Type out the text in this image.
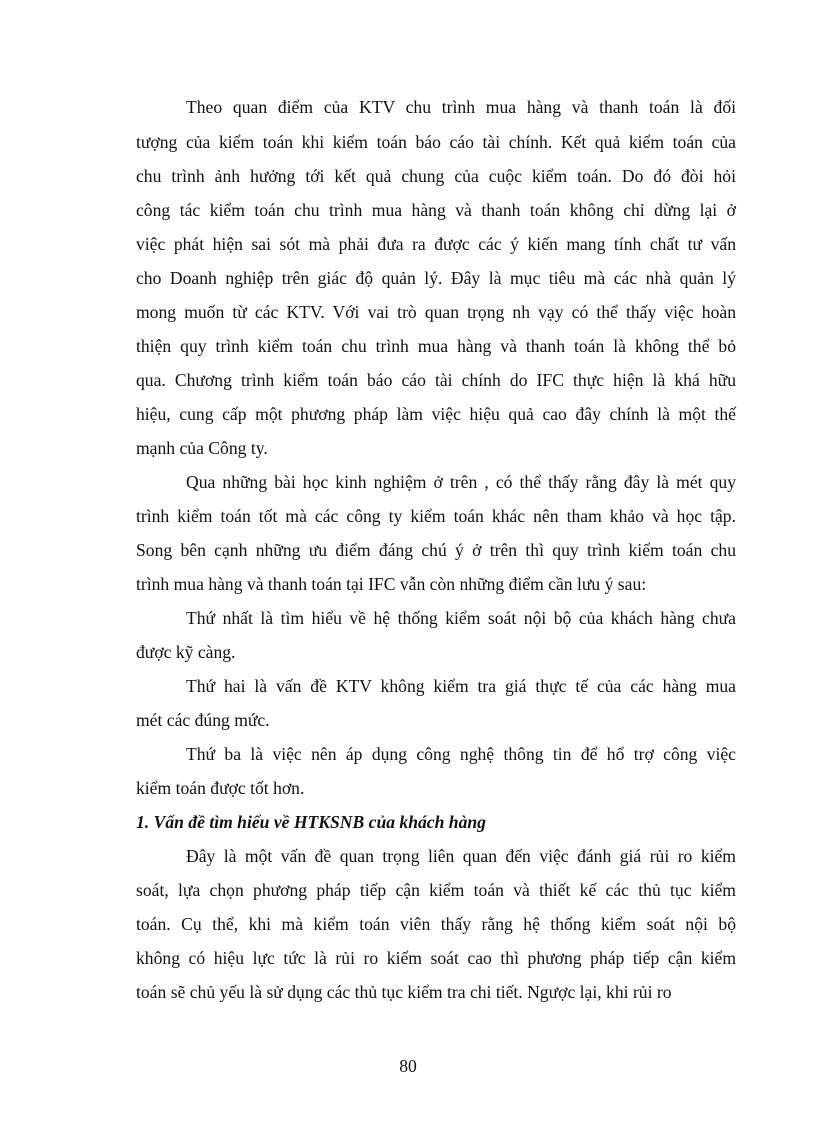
Theo quan điểm của KTV chu trình mua hàng và thanh toán là đối
tượng của kiểm toán khi kiểm toán báo cáo tài chính. Kết quả kiểm toán của
chu trình ảnh hưởng tới kết quả chung của cuộc kiểm toán. Do đó đòi hỏi
công tác kiểm toán chu trình mua hàng và thanh toán không chỉ dừng lại ở
việc phát hiện sai sót mà phải đưa ra được các ý kiến mang tính chất tư vấn
cho Doanh nghiệp trên giác độ quản lý. Đây là mục tiêu mà các nhà quản lý
mong muốn từ các KTV. Với vai trò quan trọng nh vạy có thể thấy việc hoàn
thiện quy trình kiểm toán chu trình mua hàng và thanh toán là không thể bỏ
qua. Chương trình kiểm toán báo cáo tài chính do IFC thực hiện là khá hữu
hiệu, cung cấp một phương pháp làm việc hiệu quả cao đây chính là một thế
mạnh của Công ty.
Qua những bài học kinh nghiệm ở trên , có thể thấy rằng đây là mét quy
trình kiểm toán tốt mà các công ty kiểm toán khác nên tham khảo và học tập.
Song bên cạnh những ưu điểm đáng chú ý ở trên thì quy trình kiểm toán chu
trình mua hàng và thanh toán tại IFC vẫn còn những điểm cần lưu ý sau:
Thứ nhất là tìm hiểu về hệ thống kiểm soát nội bộ của khách hàng chưa
được kỹ càng.
Thứ hai là vấn đề KTV không kiểm tra giá thực tế của các hàng mua
mét các đúng mức.
Thứ ba là việc nên áp dụng công nghệ thông tin để hổ trợ công việc
kiểm toán được tốt hơn.
1. Vấn đề tìm hiểu về HTKSNB của khách hàng
Đây là một vấn đề quan trọng liên quan đến việc đánh giá rủi ro kiểm
soát, lựa chọn phương pháp tiếp cận kiểm toán và thiết kế các thủ tục kiểm
toán. Cụ thể, khi mà kiểm toán viên thấy rằng hệ thống kiểm soát nội bộ
không có hiệu lực tức là rủi ro kiểm soát cao thì phương pháp tiếp cận kiểm
toán sẽ chủ yếu là sử dụng các thủ tục kiểm tra chi tiết. Ngược lại, khi rủi ro
80
